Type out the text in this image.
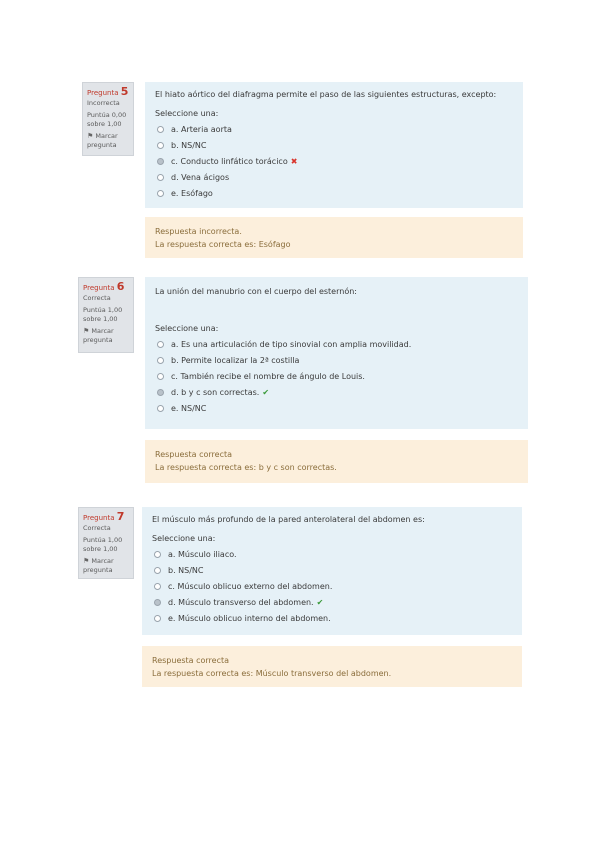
Pregunta 5
Incorrecta
Puntúa 0,00
sobre 1,00
⚑ Marcar
pregunta
El hiato aórtico del diafragma permite el paso de las siguientes estructuras, excepto:
Seleccione una:
a. Arteria aorta
b. NS/NC
c. Conducto linfático torácico ✖
d. Vena ácigos
e. Esófago
Respuesta incorrecta.
La respuesta correcta es: Esófago
Pregunta 6
Correcta
Puntúa 1,00
sobre 1,00
⚑ Marcar
pregunta
La unión del manubrio con el cuerpo del esternón:
Seleccione una:
a. Es una articulación de tipo sinovial con amplia movilidad.
b. Permite localizar la 2ª costilla
c. También recibe el nombre de ángulo de Louis.
d. b y c son correctas. ✔
e. NS/NC
Respuesta correcta
La respuesta correcta es: b y c son correctas.
Pregunta 7
Correcta
Puntúa 1,00
sobre 1,00
⚑ Marcar
pregunta
El músculo más profundo de la pared anterolateral del abdomen es:
Seleccione una:
a. Músculo iliaco.
b. NS/NC
c. Músculo oblicuo externo del abdomen.
d. Músculo transverso del abdomen. ✔
e. Músculo oblicuo interno del abdomen.
Respuesta correcta
La respuesta correcta es: Músculo transverso del abdomen.
